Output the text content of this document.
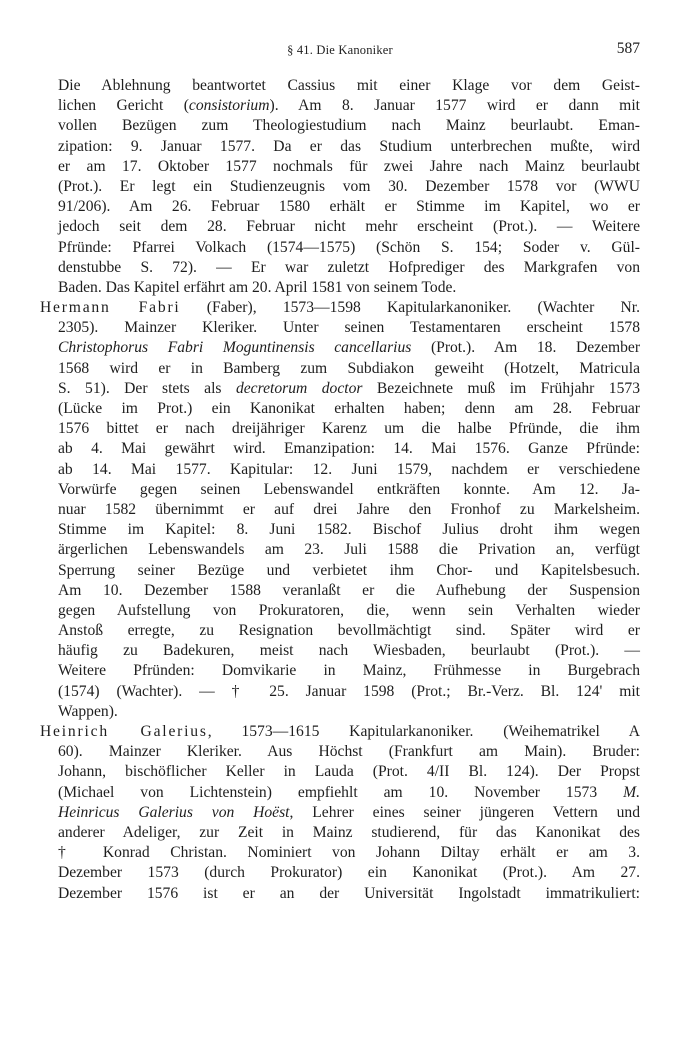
§ 41. Die Kanoniker	587
Die Ablehnung beantwortet Cassius mit einer Klage vor dem Geist-
lichen Gericht (consistorium). Am 8. Januar 1577 wird er dann mit
vollen Bezügen zum Theologiestudium nach Mainz beurlaubt. Eman-
zipation: 9. Januar 1577. Da er das Studium unterbrechen mußte, wird
er am 17. Oktober 1577 nochmals für zwei Jahre nach Mainz beurlaubt
(Prot.). Er legt ein Studienzeugnis vom 30. Dezember 1578 vor (WWU
91/206). Am 26. Februar 1580 erhält er Stimme im Kapitel, wo er
jedoch seit dem 28. Februar nicht mehr erscheint (Prot.). — Weitere
Pfründe: Pfarrei Volkach (1574—1575) (Schön S. 154; Soder v. Gül-
denstubbe S. 72). — Er war zuletzt Hofprediger des Markgrafen von
Baden. Das Kapitel erfährt am 20. April 1581 von seinem Tode.
Hermann Fabri (Faber), 1573—1598 Kapitularkanoniker. (Wachter Nr.
2305). Mainzer Kleriker. Unter seinen Testamentaren erscheint 1578
Christophorus Fabri Moguntinensis cancellarius (Prot.). Am 18. Dezember
1568 wird er in Bamberg zum Subdiakon geweiht (Hotzelt, Matricula
S. 51). Der stets als decretorum doctor Bezeichnete muß im Frühjahr 1573
(Lücke im Prot.) ein Kanonikat erhalten haben; denn am 28. Februar
1576 bittet er nach dreijähriger Karenz um die halbe Pfründe, die ihm
ab 4. Mai gewährt wird. Emanzipation: 14. Mai 1576. Ganze Pfründe:
ab 14. Mai 1577. Kapitular: 12. Juni 1579, nachdem er verschiedene
Vorwürfe gegen seinen Lebenswandel entkräften konnte. Am 12. Ja-
nuar 1582 übernimmt er auf drei Jahre den Fronhof zu Markelsheim.
Stimme im Kapitel: 8. Juni 1582. Bischof Julius droht ihm wegen
ärgerlichen Lebenswandels am 23. Juli 1588 die Privation an, verfügt
Sperrung seiner Bezüge und verbietet ihm Chor- und Kapitelsbesuch.
Am 10. Dezember 1588 veranlaßt er die Aufhebung der Suspension
gegen Aufstellung von Prokuratoren, die, wenn sein Verhalten wieder
Anstoß erregte, zu Resignation bevollmächtigt sind. Später wird er
häufig zu Badekuren, meist nach Wiesbaden, beurlaubt (Prot.). —
Weitere Pfründen: Domvikarie in Mainz, Frühmesse in Burgebrach
(1574) (Wachter). — † 25. Januar 1598 (Prot.; Br.-Verz. Bl. 124' mit
Wappen).
Heinrich Galerius, 1573—1615 Kapitularkanoniker. (Weihematrikel A
60). Mainzer Kleriker. Aus Höchst (Frankfurt am Main). Bruder:
Johann, bischöflicher Keller in Lauda (Prot. 4/II Bl. 124). Der Propst
(Michael von Lichtenstein) empfiehlt am 10. November 1573 M.
Heinricus Galerius von Hoëst, Lehrer eines seiner jüngeren Vettern und
anderer Adeliger, zur Zeit in Mainz studierend, für das Kanonikat des
† Konrad Christan. Nominiert von Johann Diltay erhält er am 3.
Dezember 1573 (durch Prokurator) ein Kanonikat (Prot.). Am 27.
Dezember 1576 ist er an der Universität Ingolstadt immatrikuliert:
